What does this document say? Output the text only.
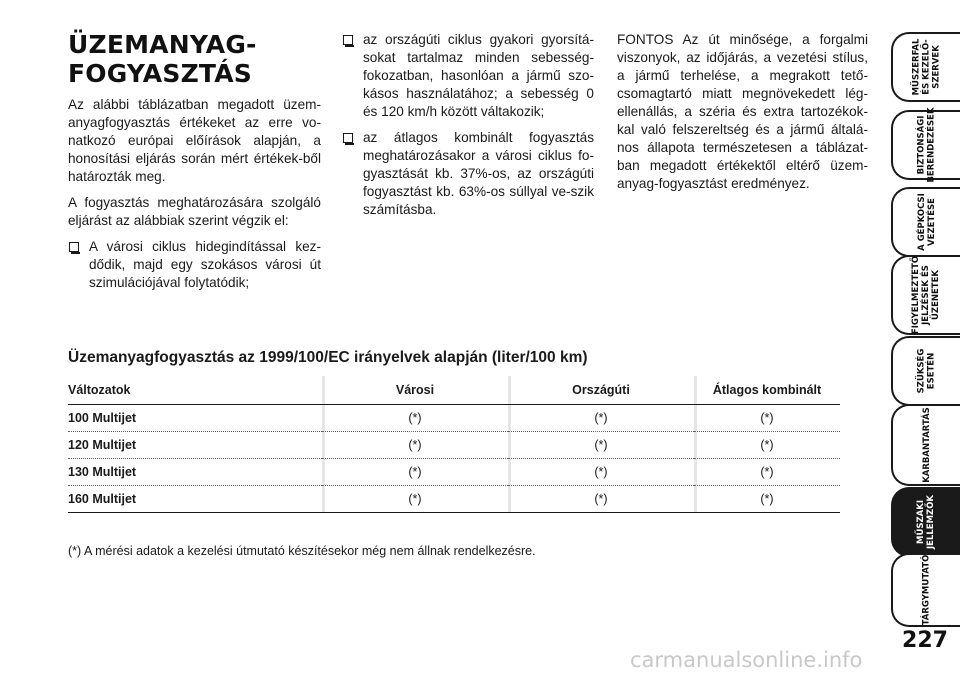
ÜZEMANYAG-
FOGYASZTÁS

Az alábbi táblázatban megadott üzem-anyagfogyasztás értékeket az erre vo-natkozó európai előírások alapján, a honosítási eljárás során mért értékek-ből határozták meg.

A fogyasztás meghatározására szolgáló eljárást az alábbiak szerint végzik el:

A városi ciklus hidegindítással kez-dődik, majd egy szokásos városi út szimulációjával folytatódik;
az országúti ciklus gyakori gyorsítá-sokat tartalmaz minden sebesség-fokozatban, hasonlóan a jármű szo-kásos használatához; a sebesség 0 és 120 km/h között váltakozik;
az átlagos kombinált fogyasztás meghatározásakor a városi ciklus fo-gyasztását kb. 37%-os, az országúti fogyasztást kb. 63%-os súllyal ve-szik számításba.

FONTOS Az út minősége, a forgalmi viszonyok, az időjárás, a vezetési stílus, a jármű terhelése, a megrakott tető-csomagtartó miatt megnövekedett lég-ellenállás, a széria és extra tartozékok-kal való felszereltség és a jármű általá-nos állapota természetesen a táblázat-ban megadott értékektől eltérő üzem-anyag-fogyasztást eredményez.

Üzemanyagfogyasztás az 1999/100/EC irányelvek alapján (liter/100 km)
Változatok	Városi	Országúti	Átlagos kombinált
100 Multijet	(*)	(*)	(*)
120 Multijet	(*)	(*)	(*)
130 Multijet	(*)	(*)	(*)
160 Multijet	(*)	(*)	(*)

(*) A mérési adatok a kezelési útmutató készítésekor még nem állnak rendelkezésre.

MŰSZERFAL
ÉS KEZELŐ-
SZERVEK
BIZTONSÁGI
BERENDEZÉSEK
A GÉPKOCSI
VEZETÉSE
FIGYELMEZTETŐ
JELZÉSEK ÉS
ÜZENETEK
SZÜKSÉG
ESETÉN
KARBANTARTÁS
MŰSZAKI
JELLEMZŐK
TÁRGYMUTATÓ

227

carmanualsonline.info
